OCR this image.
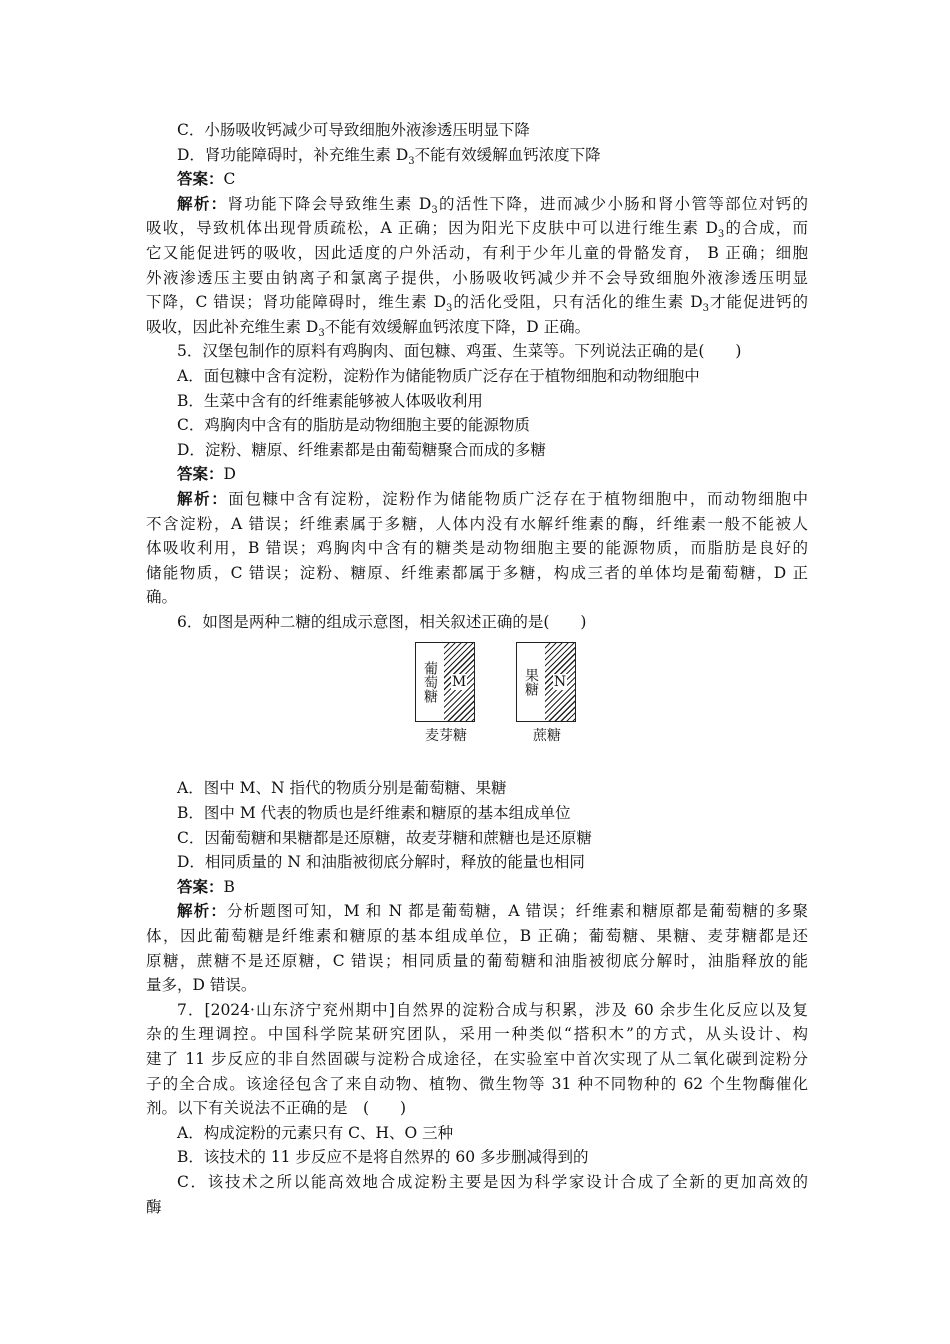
C．小肠吸收钙减少可导致细胞外液渗透压明显下降
D．肾功能障碍时，补充维生素 $D_3$不能有效缓解血钙浓度下降
答案：C
解析：肾功能下降会导致维生素 $D_3$的活性下降，进而减少小肠和肾小管等部位对钙的
吸收，导致机体出现骨质疏松，A 正确；因为阳光下皮肤中可以进行维生素 $D_3$的合成，而
它又能促进钙的吸收，因此适度的户外活动，有利于少年儿童的骨骼发育， B 正确；细胞
外液渗透压主要由钠离子和氯离子提供，小肠吸收钙减少并不会导致细胞外液渗透压明显
下降，C 错误；肾功能障碍时，维生素 $D_3$的活化受阻，只有活化的维生素 $D_3$才能促进钙的
吸收，因此补充维生素 $D_3$不能有效缓解血钙浓度下降，D 正确。
5．汉堡包制作的原料有鸡胸肉、面包糠、鸡蛋、生菜等。下列说法正确的是(　　)
A．面包糠中含有淀粉，淀粉作为储能物质广泛存在于植物细胞和动物细胞中
B．生菜中含有的纤维素能够被人体吸收利用
C．鸡胸肉中含有的脂肪是动物细胞主要的能源物质
D．淀粉、糖原、纤维素都是由葡萄糖聚合而成的多糖
答案：D
解析：面包糠中含有淀粉，淀粉作为储能物质广泛存在于植物细胞中，而动物细胞中
不含淀粉，A 错误；纤维素属于多糖，人体内没有水解纤维素的酶，纤维素一般不能被人
体吸收利用，B 错误；鸡胸肉中含有的糖类是动物细胞主要的能源物质，而脂肪是良好的
储能物质，C 错误；淀粉、糖原、纤维素都属于多糖，构成三者的单体均是葡萄糖，D 正
确。
6．如图是两种二糖的组成示意图，相关叙述正确的是(　　)
葡萄糖 M
麦芽糖
果糖 N
蔗糖
A．图中 M、N 指代的物质分别是葡萄糖、果糖
B．图中 M 代表的物质也是纤维素和糖原的基本组成单位
C．因葡萄糖和果糖都是还原糖，故麦芽糖和蔗糖也是还原糖
D．相同质量的 N 和油脂被彻底分解时，释放的能量也相同
答案：B
解析：分析题图可知，M 和 N 都是葡萄糖，A 错误；纤维素和糖原都是葡萄糖的多聚
体，因此葡萄糖是纤维素和糖原的基本组成单位，B 正确；葡萄糖、果糖、麦芽糖都是还
原糖，蔗糖不是还原糖，C 错误；相同质量的葡萄糖和油脂被彻底分解时，油脂释放的能
量多，D 错误。
7．[2024·山东济宁兖州期中]自然界的淀粉合成与积累，涉及 60 余步生化反应以及复
杂的生理调控。中国科学院某研究团队，采用一种类似“搭积木”的方式，从头设计、构
建了 11 步反应的非自然固碳与淀粉合成途径，在实验室中首次实现了从二氧化碳到淀粉分
子的全合成。该途径包含了来自动物、植物、微生物等 31 种不同物种的 62 个生物酶催化
剂。以下有关说法不正确的是　(　　)
A．构成淀粉的元素只有 C、H、O 三种
B．该技术的 11 步反应不是将自然界的 60 多步删减得到的
C．该技术之所以能高效地合成淀粉主要是因为科学家设计合成了全新的更加高效的
酶
